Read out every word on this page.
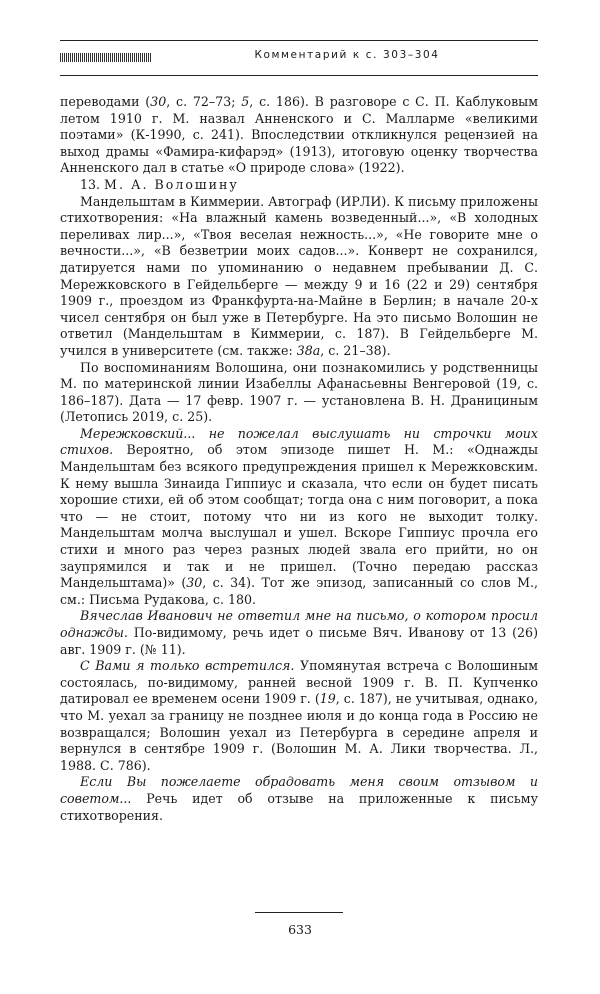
Комментарий к с. 303–304

переводами (30, с. 72–73; 5, с. 186). В разговоре с С. П. Каблуковым летом 1910 г. М. назвал Анненского и С. Малларме «великими поэтами» (К-1990, с. 241). Впоследствии откликнулся рецензией на выход драмы «Фамира-кифарэд» (1913), итоговую оценку творчества Анненского дал в статье «О природе слова» (1922).

13. М. А. Волошину

Мандельштам в Киммерии. Автограф (ИРЛИ). К письму приложены стихотворения: «На влажный камень возведенный...», «В холодных переливах лир...», «Твоя веселая нежность...», «Не говорите мне о вечности...», «В безветрии моих садов...». Конверт не сохранился, датируется нами по упоминанию о недавнем пребывании Д. С. Мережковского в Гейдельберге — между 9 и 16 (22 и 29) сентября 1909 г., проездом из Франкфурта-на-Майне в Берлин; в начале 20-х чисел сентября он был уже в Петербурге. На это письмо Волошин не ответил (Мандельштам в Киммерии, с. 187). В Гейдельберге М. учился в университете (см. также: 38а, с. 21–38).

По воспоминаниям Волошина, они познакомились у родственницы М. по материнской линии Изабеллы Афанасьевны Венгеровой (19, с. 186–187). Дата — 17 февр. 1907 г. — установлена В. Н. Дранициным (Летопись 2019, с. 25).

Мережковский... не пожелал выслушать ни строчки моих стихов. Вероятно, об этом эпизоде пишет Н. М.: «Однажды Мандельштам без всякого предупреждения пришел к Мережковским. К нему вышла Зинаида Гиппиус и сказала, что если он будет писать хорошие стихи, ей об этом сообщат; тогда она с ним поговорит, а пока что — не стоит, потому что ни из кого не выходит толку. Мандельштам молча выслушал и ушел. Вскоре Гиппиус прочла его стихи и много раз через разных людей звала его прийти, но он заупрямился и так и не пришел. (Точно передаю рассказ Мандельштама)» (30, с. 34). Тот же эпизод, записанный со слов М., см.: Письма Рудакова, с. 180.

Вячеслав Иванович не ответил мне на письмо, о котором просил однажды. По-видимому, речь идет о письме Вяч. Иванову от 13 (26) авг. 1909 г. (№ 11).

С Вами я только встретился. Упомянутая встреча с Волошиным состоялась, по-видимому, ранней весной 1909 г. В. П. Купченко датировал ее временем осени 1909 г. (19, с. 187), не учитывая, однако, что М. уехал за границу не позднее июля и до конца года в Россию не возвращался; Волошин уехал из Петербурга в середине апреля и вернулся в сентябре 1909 г. (Волошин М. А. Лики творчества. Л., 1988. С. 786).

Если Вы пожелаете обрадовать меня своим отзывом и советом... Речь идет об отзыве на приложенные к письму стихотворения.

633
